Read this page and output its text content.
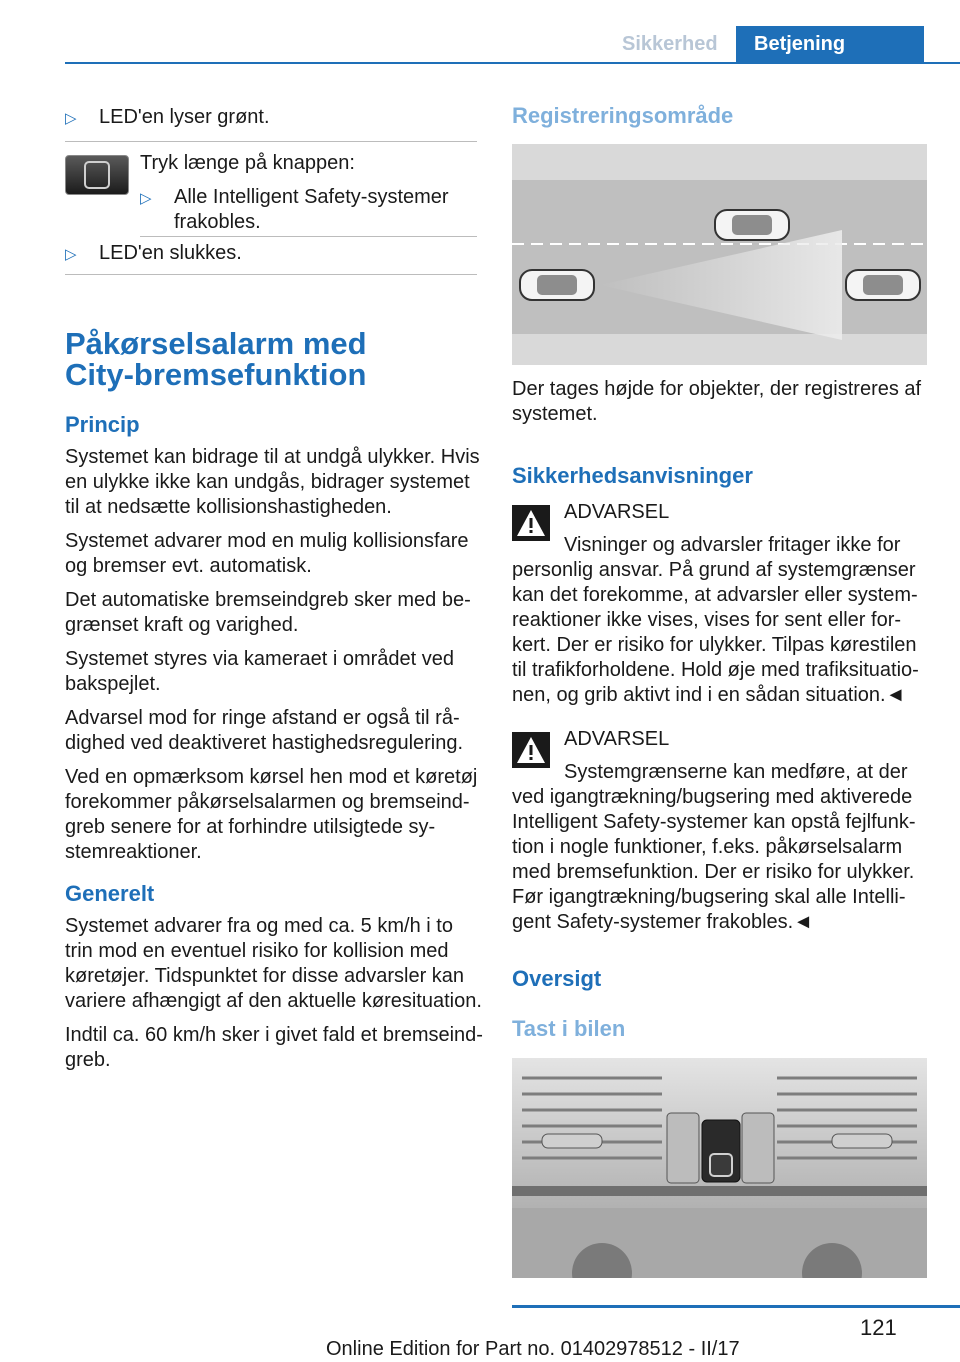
Sikkerhed	Betjening
▷ LED'en lyser grønt.
Tryk længe på knappen:
▷ Alle Intelligent Safety-systemer frakobles.
▷ LED'en slukkes.
Påkørselsalarm med City-bremsefunktion
Princip

Systemet kan bidrage til at undgå ulykker. Hvis en ulykke ikke kan undgås, bidrager systemet til at nedsætte kollisionshastigheden.

Systemet advarer mod en mulig kollisionsfare og bremser evt. automatisk.

Det automatiske bremseindgreb sker med be-grænset kraft og varighed.

Systemet styres via kameraet i området ved bakspejlet.

Advarsel mod for ringe afstand er også til rå-dighed ved deaktiveret hastighedsregulering.

Ved en opmærksom kørsel hen mod et køretøj forekommer påkørselsalarmen og bremseind-greb senere for at forhindre utilsigtede sy-stemreaktioner.

Generelt

Systemet advarer fra og med ca. 5 km/h i to trin mod en eventuel risiko for kollision med køretøjer. Tidspunktet for disse advarsler kan variere afhængigt af den aktuelle køresituation.

Indtil ca. 60 km/h sker i givet fald et bremseind-greb.

Registreringsområde
Der tages højde for objekter, der registreres af systemet.
Sikkerhedsanvisninger
ADVARSEL
Visninger og advarsler fritager ikke for personlig ansvar. På grund af systemgrænser kan det forekomme, at advarsler eller system-reaktioner ikke vises, vises for sent eller for-kert. Der er risiko for ulykker. Tilpas kørestilen til trafikforholdene. Hold øje med trafiksituatio-nen, og grib aktivt ind i en sådan situation.◄
ADVARSEL
Systemgrænserne kan medføre, at der ved igangtrækning/bugsering med aktiverede Intelligent Safety-systemer kan opstå fejlfunk-tion i nogle funktioner, f.eks. påkørselsalarm med bremsefunktion. Der er risiko for ulykker. Før igangtrækning/bugsering skal alle Intelli-gent Safety-systemer frakobles.◄
Oversigt
Tast i bilen
121
Online Edition for Part no. 01402978512 - II/17
